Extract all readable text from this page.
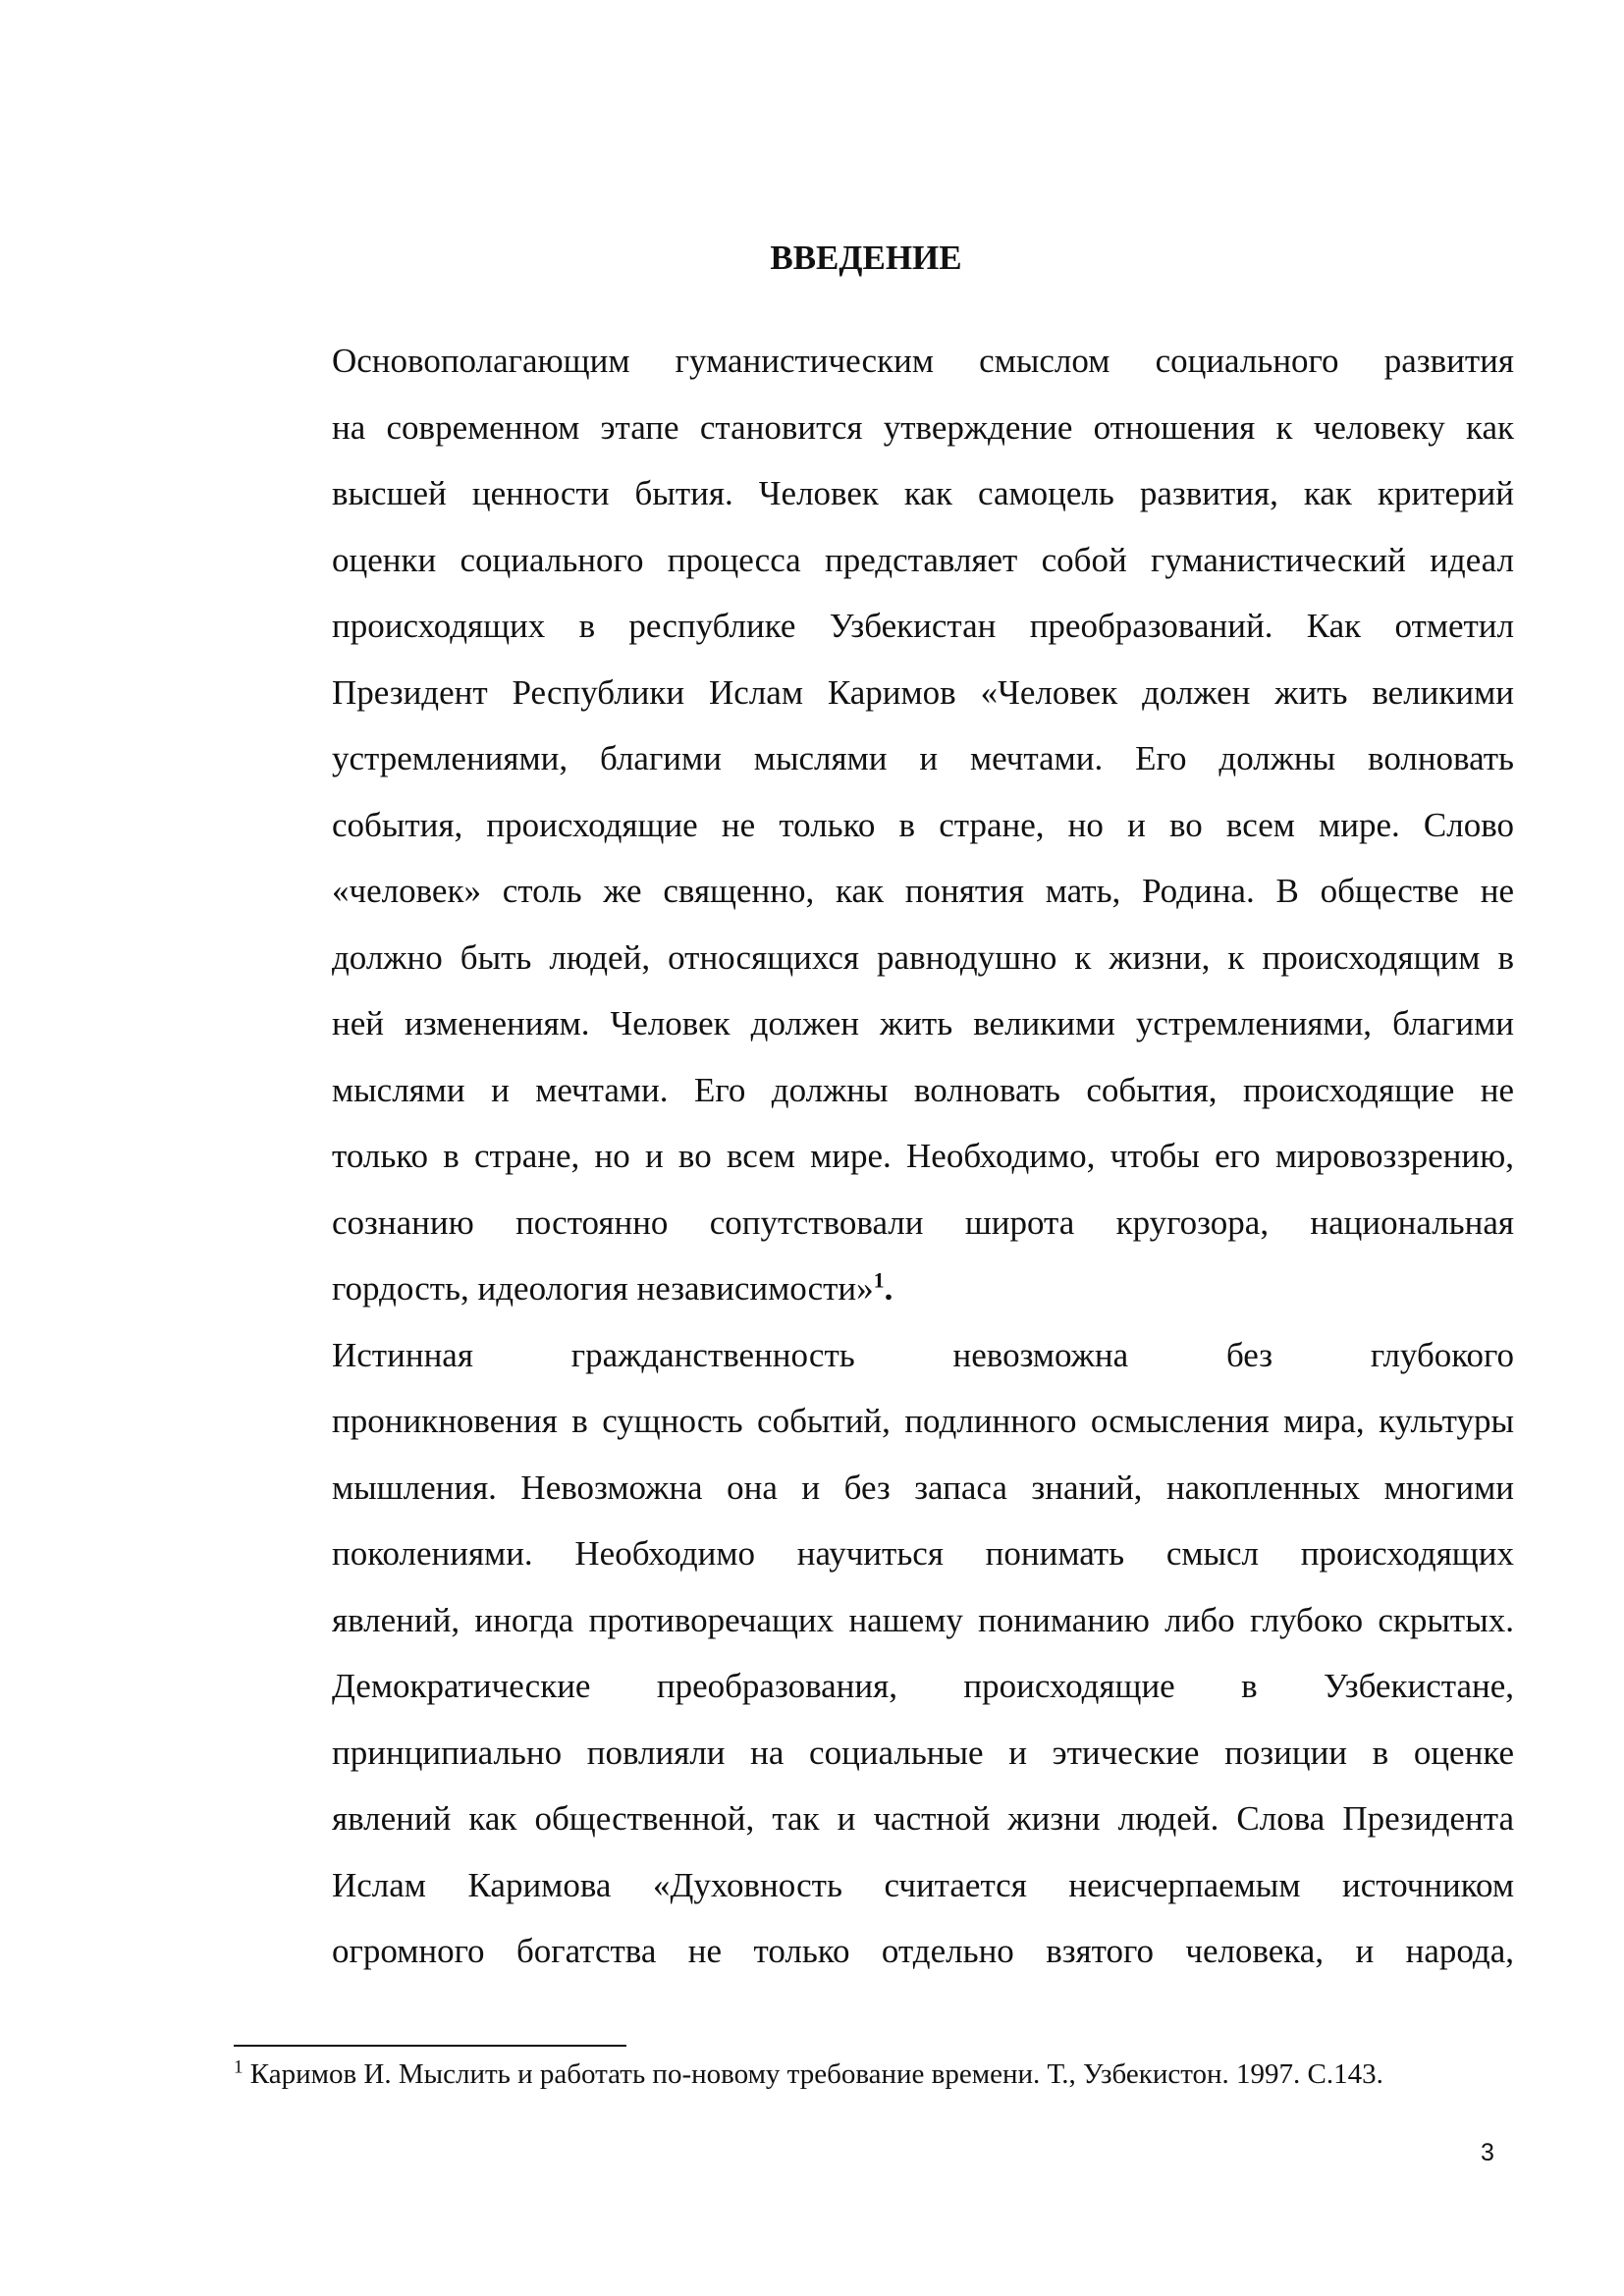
ВВЕДЕНИЕ
Основополагающим гуманистическим смыслом социального развития
на современном этапе становится утверждение отношения к человеку как
высшей ценности бытия. Человек как самоцель развития, как критерий
оценки социального процесса представляет собой гуманистический идеал
происходящих в республике Узбекистан преобразований. Как отметил
Президент Республики Ислам Каримов «Человек должен жить великими
устремлениями, благими мыслями и мечтами. Его должны волновать
события, происходящие не только в стране, но и во всем мире. Слово
«человек» столь же священно, как понятия мать, Родина. В обществе не
должно быть людей, относящихся равнодушно к жизни, к происходящим в
ней изменениям. Человек должен жить великими устремлениями, благими
мыслями и мечтами. Его должны волновать события, происходящие не
только в стране, но и во всем мире. Необходимо, чтобы его мировоззрению,
сознанию постоянно сопутствовали широта кругозора, национальная
гордость, идеология независимости»$^1$.
Истинная гражданственность невозможна без глубокого
проникновения в сущность событий, подлинного осмысления мира, культуры
мышления. Невозможна она и без запаса знаний, накопленных многими
поколениями. Необходимо научиться понимать смысл происходящих
явлений, иногда противоречащих нашему пониманию либо глубоко скрытых.
Демократические преобразования, происходящие в Узбекистане,
принципиально повлияли на социальные и этические позиции в оценке
явлений как общественной, так и частной жизни людей. Слова Президента
Ислам Каримова «Духовность считается неисчерпаемым источником
огромного богатства не только отдельно взятого человека, и народа,

$^1$ Каримов И. Мыслить и работать по-новому требование времени. Т., Узбекистон. 1997. С.143.

3
